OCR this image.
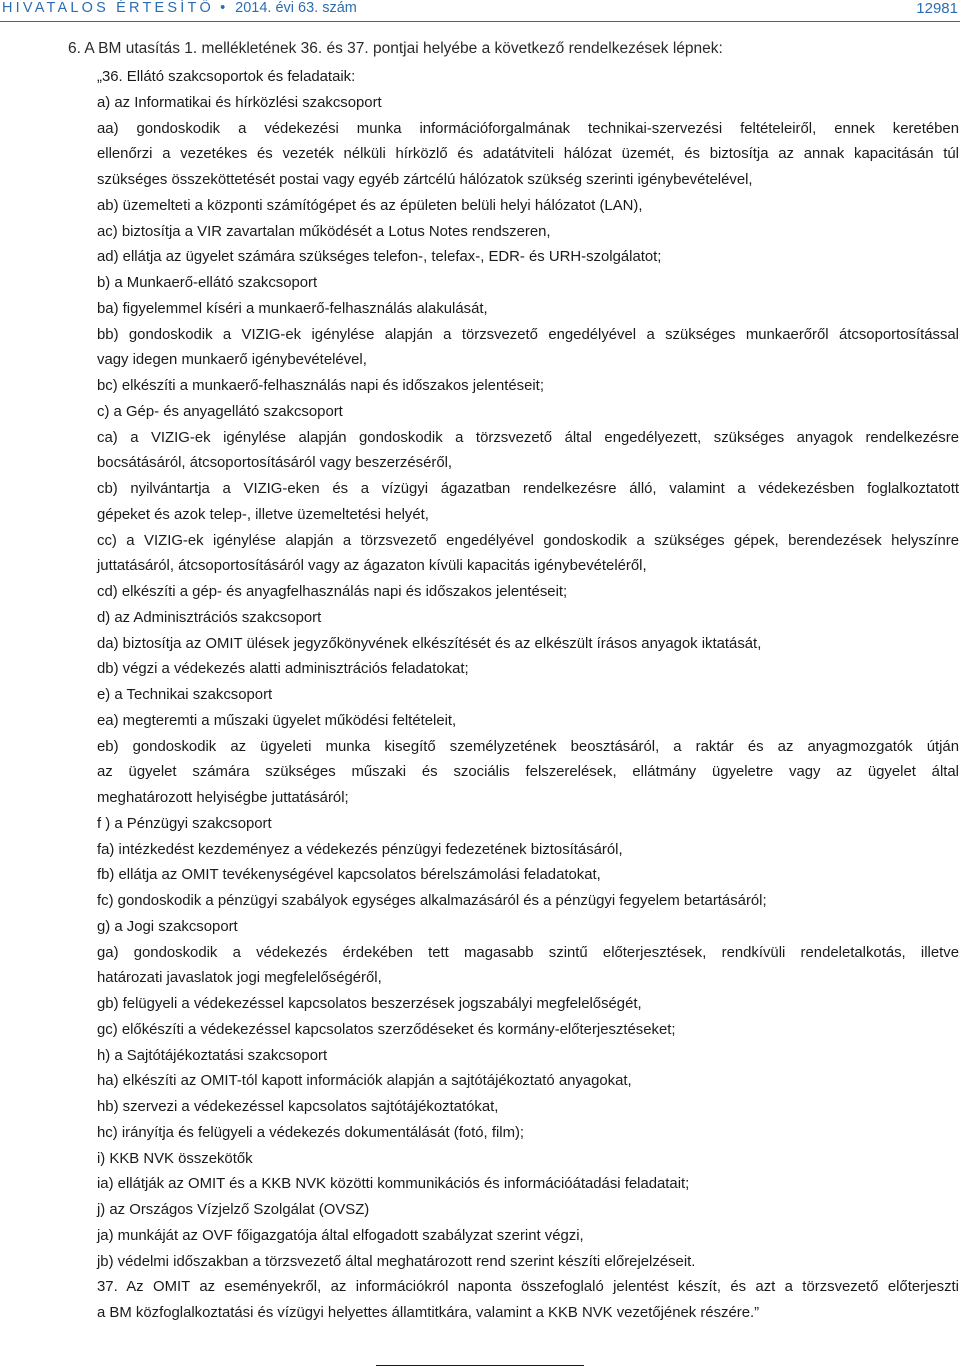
HIVATALOS ÉRTESÍTŐ • 2014. évi 63. szám	12981
6. A BM utasítás 1. mellékletének 36. és 37. pontjai helyébe a következő rendelkezések lépnek:

„36. Ellátó szakcsoportok és feladataik:

a) az Informatikai és hírközlési szakcsoport

aa) gondoskodik a védekezési munka információforgalmának technikai-szervezési feltételeiről, ennek keretében

ellenőrzi a vezetékes és vezeték nélküli hírközlő és adatátviteli hálózat üzemét, és biztosítja az annak kapacitásán túl

szükséges összeköttetését postai vagy egyéb zártcélú hálózatok szükség szerinti igénybevételével,

ab) üzemelteti a központi számítógépet és az épületen belüli helyi hálózatot (LAN),

ac) biztosítja a VIR zavartalan működését a Lotus Notes rendszeren,

ad) ellátja az ügyelet számára szükséges telefon-, telefax-, EDR- és URH-szolgálatot;

b) a Munkaerő-ellátó szakcsoport

ba) figyelemmel kíséri a munkaerő-felhasználás alakulását,

bb) gondoskodik a VIZIG-ek igénylése alapján a törzsvezető engedélyével a szükséges munkaerőről átcsoportosítással

vagy idegen munkaerő igénybevételével,

bc) elkészíti a munkaerő-felhasználás napi és időszakos jelentéseit;

c) a Gép- és anyagellátó szakcsoport

ca) a VIZIG-ek igénylése alapján gondoskodik a törzsvezető által engedélyezett, szükséges anyagok rendelkezésre

bocsátásáról, átcsoportosításáról vagy beszerzéséről,

cb) nyilvántartja a VIZIG-eken és a vízügyi ágazatban rendelkezésre álló, valamint a védekezésben foglalkoztatott

gépeket és azok telep-, illetve üzemeltetési helyét,

cc) a VIZIG-ek igénylése alapján a törzsvezető engedélyével gondoskodik a szükséges gépek, berendezések helyszínre

juttatásáról, átcsoportosításáról vagy az ágazaton kívüli kapacitás igénybevételéről,

cd) elkészíti a gép- és anyagfelhasználás napi és időszakos jelentéseit;

d) az Adminisztrációs szakcsoport

da) biztosítja az OMIT ülések jegyzőkönyvének elkészítését és az elkészült írásos anyagok iktatását,

db) végzi a védekezés alatti adminisztrációs feladatokat;

e) a Technikai szakcsoport

ea) megteremti a műszaki ügyelet működési feltételeit,

eb) gondoskodik az ügyeleti munka kisegítő személyzetének beosztásáról, a raktár és az anyagmozgatók útján

az ügyelet számára szükséges műszaki és szociális felszerelések, ellátmány ügyeletre vagy az ügyelet által

meghatározott helyiségbe juttatásáról;

f ) a Pénzügyi szakcsoport

fa) intézkedést kezdeményez a védekezés pénzügyi fedezetének biztosításáról,

fb) ellátja az OMIT tevékenységével kapcsolatos bérelszámolási feladatokat,

fc) gondoskodik a pénzügyi szabályok egységes alkalmazásáról és a pénzügyi fegyelem betartásáról;

g) a Jogi szakcsoport

ga) gondoskodik a védekezés érdekében tett magasabb szintű előterjesztések, rendkívüli rendeletalkotás, illetve

határozati javaslatok jogi megfelelőségéről,

gb) felügyeli a védekezéssel kapcsolatos beszerzések jogszabályi megfelelőségét,

gc) előkészíti a védekezéssel kapcsolatos szerződéseket és kormány-előterjesztéseket;

h) a Sajtótájékoztatási szakcsoport

ha) elkészíti az OMIT-tól kapott információk alapján a sajtótájékoztató anyagokat,

hb) szervezi a védekezéssel kapcsolatos sajtótájékoztatókat,

hc) irányítja és felügyeli a védekezés dokumentálását (fotó, film);

i) KKB NVK összekötők

ia) ellátják az OMIT és a KKB NVK közötti kommunikációs és információátadási feladatait;

j) az Országos Vízjelző Szolgálat (OVSZ)

ja) munkáját az OVF főigazgatója által elfogadott szabályzat szerint végzi,

jb) védelmi időszakban a törzsvezető által meghatározott rend szerint készíti előrejelzéseit.

37. Az OMIT az eseményekről, az információkról naponta összefoglaló jelentést készít, és azt a törzsvezető előterjeszti

a BM közfoglalkoztatási és vízügyi helyettes államtitkára, valamint a KKB NVK vezetőjének részére.”
